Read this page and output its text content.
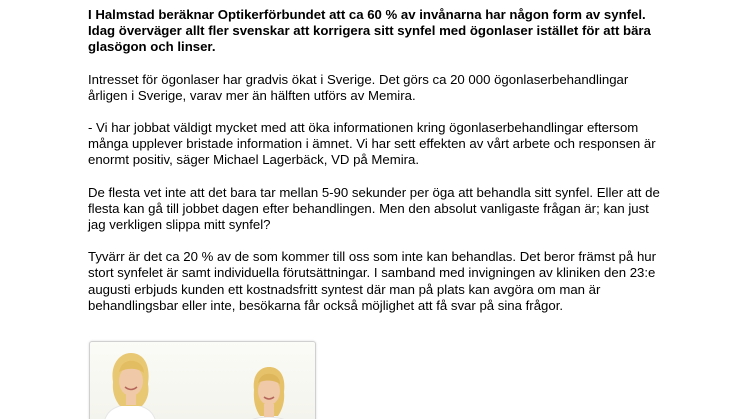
I Halmstad beräknar Optikerförbundet att ca 60 % av invånarna har någon form av synfel. Idag överväger allt fler svenskar att korrigera sitt synfel med ögonlaser istället för att bära glasögon och linser.

Intresset för ögonlaser har gradvis ökat i Sverige. Det görs ca 20 000 ögonlaserbehandlingar årligen i Sverige, varav mer än hälften utförs av Memira.

- Vi har jobbat väldigt mycket med att öka informationen kring ögonlaserbehandlingar eftersom många upplever bristade information i ämnet. Vi har sett effekten av vårt arbete och responsen är enormt positiv, säger Michael Lagerbäck, VD på Memira.

De flesta vet inte att det bara tar mellan 5-90 sekunder per öga att behandla sitt synfel. Eller att de flesta kan gå till jobbet dagen efter behandlingen. Men den absolut vanligaste frågan är; kan just jag verkligen slippa mitt synfel?

Tyvärr är det ca 20 % av de som kommer till oss som inte kan behandlas. Det beror främst på hur stort synfelet är samt individuella förutsättningar. I samband med invigningen av kliniken den 23:e augusti erbjuds kunden ett kostnadsfritt syntest där man på plats kan avgöra om man är behandlingsbar eller inte, besökarna får också möjlighet att få svar på sina frågor.
